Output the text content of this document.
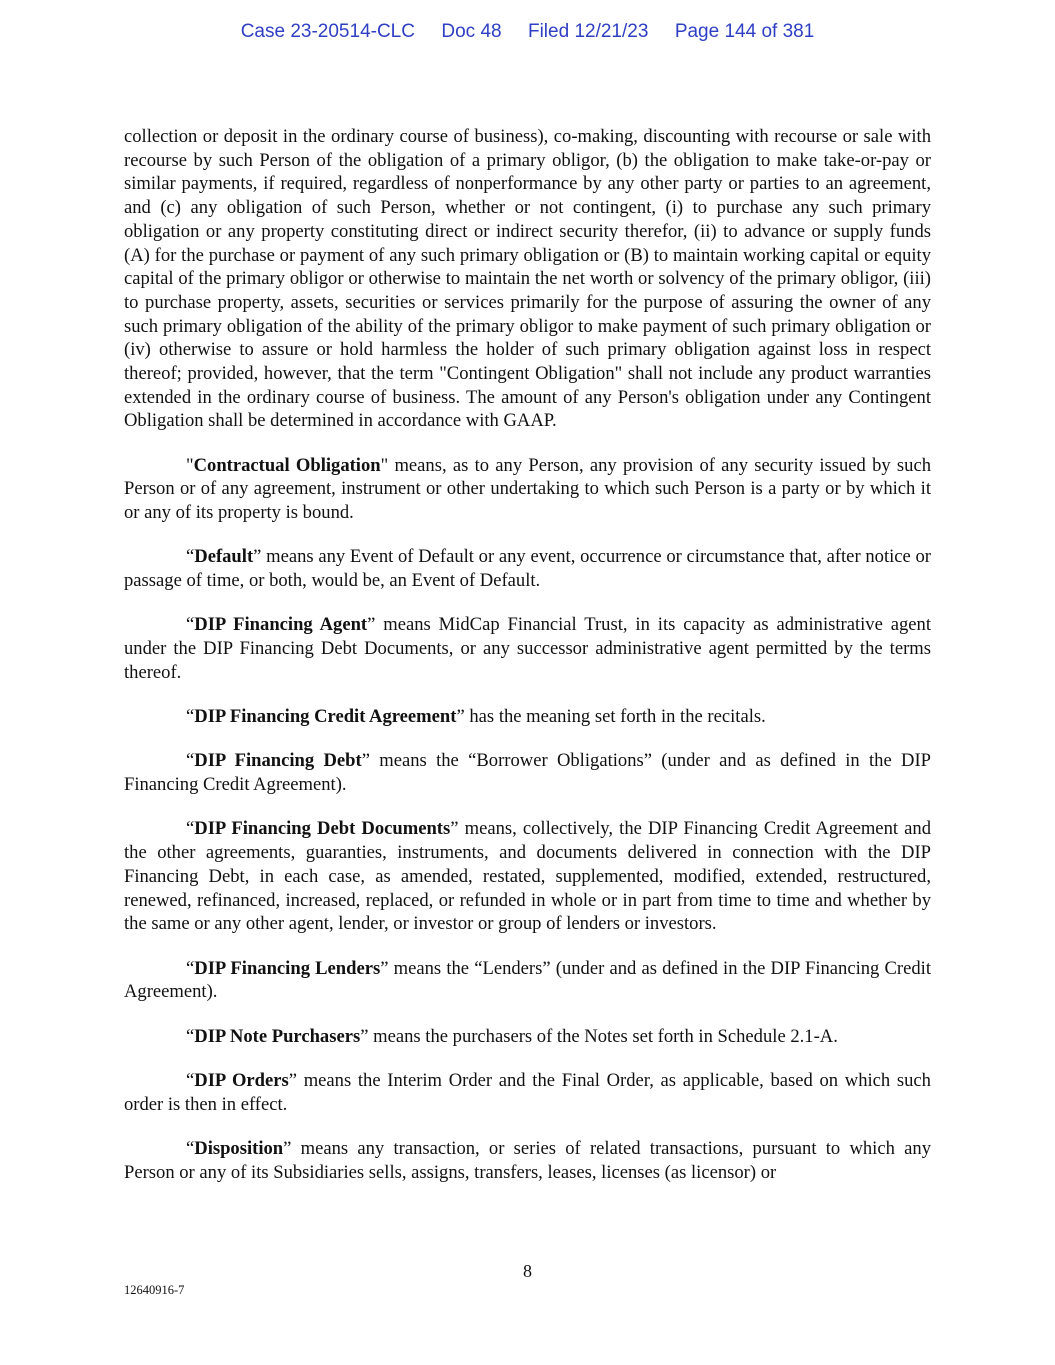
Case 23-20514-CLC Doc 48 Filed 12/21/23 Page 144 of 381

collection or deposit in the ordinary course of business), co-making, discounting with recourse or sale with recourse by such Person of the obligation of a primary obligor, (b) the obligation to make take-or-pay or similar payments, if required, regardless of nonperformance by any other party or parties to an agreement, and (c) any obligation of such Person, whether or not contingent, (i) to purchase any such primary obligation or any property constituting direct or indirect security therefor, (ii) to advance or supply funds (A) for the purchase or payment of any such primary obligation or (B) to maintain working capital or equity capital of the primary obligor or otherwise to maintain the net worth or solvency of the primary obligor, (iii) to purchase property, assets, securities or services primarily for the purpose of assuring the owner of any such primary obligation of the ability of the primary obligor to make payment of such primary obligation or (iv) otherwise to assure or hold harmless the holder of such primary obligation against loss in respect thereof; provided, however, that the term "Contingent Obligation" shall not include any product warranties extended in the ordinary course of business. The amount of any Person's obligation under any Contingent Obligation shall be determined in accordance with GAAP.

"Contractual Obligation" means, as to any Person, any provision of any security issued by such Person or of any agreement, instrument or other undertaking to which such Person is a party or by which it or any of its property is bound.

“Default” means any Event of Default or any event, occurrence or circumstance that, after notice or passage of time, or both, would be, an Event of Default.

“DIP Financing Agent” means MidCap Financial Trust, in its capacity as administrative agent under the DIP Financing Debt Documents, or any successor administrative agent permitted by the terms thereof.

“DIP Financing Credit Agreement” has the meaning set forth in the recitals.

“DIP Financing Debt” means the “Borrower Obligations” (under and as defined in the DIP Financing Credit Agreement).

“DIP Financing Debt Documents” means, collectively, the DIP Financing Credit Agreement and the other agreements, guaranties, instruments, and documents delivered in connection with the DIP Financing Debt, in each case, as amended, restated, supplemented, modified, extended, restructured, renewed, refinanced, increased, replaced, or refunded in whole or in part from time to time and whether by the same or any other agent, lender, or investor or group of lenders or investors.

“DIP Financing Lenders” means the “Lenders” (under and as defined in the DIP Financing Credit Agreement).

“DIP Note Purchasers” means the purchasers of the Notes set forth in Schedule 2.1-A.

“DIP Orders” means the Interim Order and the Final Order, as applicable, based on which such order is then in effect.

“Disposition” means any transaction, or series of related transactions, pursuant to which any Person or any of its Subsidiaries sells, assigns, transfers, leases, licenses (as licensor) or

8
12640916-7
